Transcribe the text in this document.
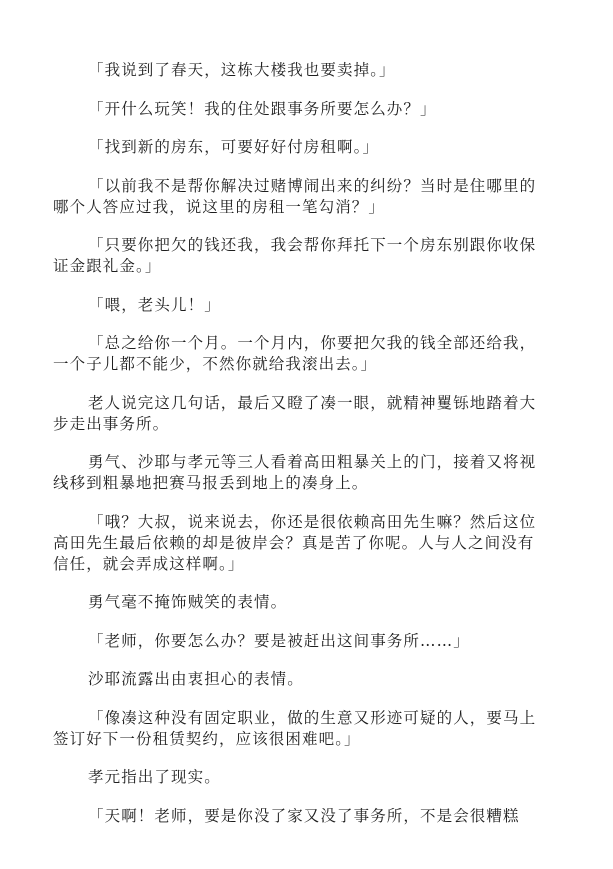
「我说到了春天，这栋大楼我也要卖掉。」

「开什么玩笑！我的住处跟事务所要怎么办？」

「找到新的房东，可要好好付房租啊。」

「以前我不是帮你解决过赌博闹出来的纠纷？当时是住哪里的
哪个人答应过我，说这里的房租一笔勾消？」

「只要你把欠的钱还我，我会帮你拜托下一个房东别跟你收保
证金跟礼金。」

「喂，老头儿！」

「总之给你一个月。一个月内，你要把欠我的钱全部还给我，
一个子儿都不能少，不然你就给我滚出去。」

老人说完这几句话，最后又瞪了凑一眼，就精神矍铄地踏着大
步走出事务所。

勇气、沙耶与孝元等三人看着高田粗暴关上的门，接着又将视
线移到粗暴地把赛马报丢到地上的凑身上。

「哦？大叔，说来说去，你还是很依赖高田先生嘛？然后这位
高田先生最后依赖的却是彼岸会？真是苦了你呢。人与人之间没有
信任，就会弄成这样啊。」

勇气毫不掩饰贼笑的表情。

「老师，你要怎么办？要是被赶出这间事务所……」

沙耶流露出由衷担心的表情。

「像凑这种没有固定职业，做的生意又形迹可疑的人，要马上
签订好下一份租赁契约，应该很困难吧。」

孝元指出了现实。

「天啊！老师，要是你没了家又没了事务所，不是会很糟糕
